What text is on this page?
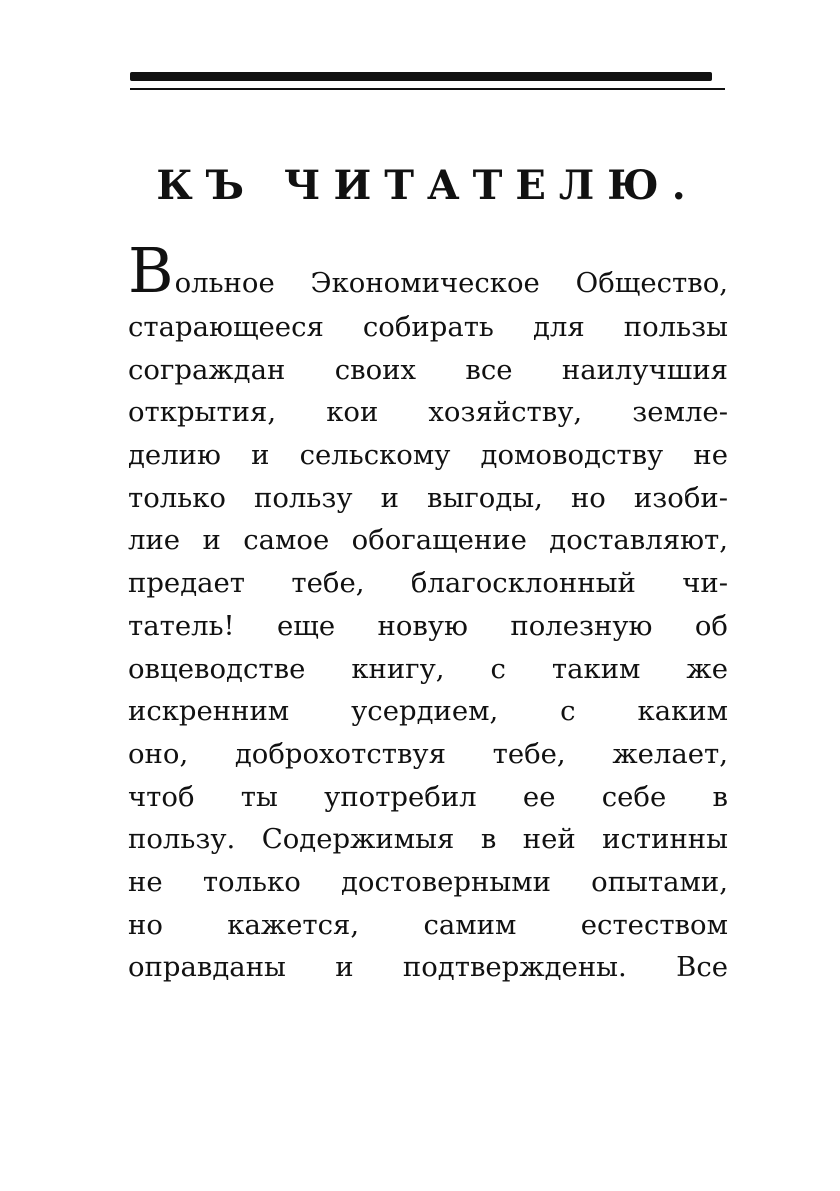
КЪ ЧИТАТЕЛЮ.
Вольное Экономическое Общество,
старающееся собирать для пользы
сограждан своих все наилучшия
открытия, кои хозяйству, земле-
делию и сельскому домоводству не
только пользу и выгоды, но изоби-
лие и самое обогащение доставляют,
предает тебе, благосклонный чи-
татель! еще новую полезную об
овцеводстве книгу, с таким же
искренним усердием, с каким
оно, доброхотствуя тебе, желает,
чтоб ты употребил ее себе в
пользу. Содержимыя в ней истинны
не только достоверными опытами,
но кажется, самим естеством
оправданы и подтверждены. Все
